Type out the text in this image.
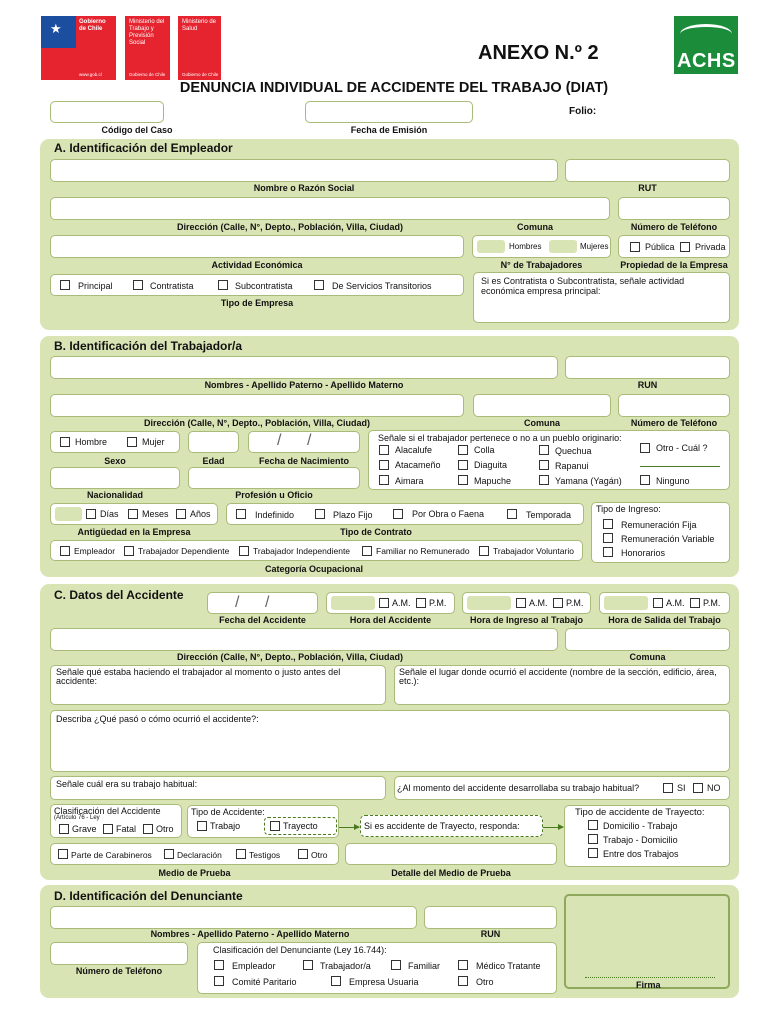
★	Gobierno de Chile
www.gob.cl
Ministerio del Trabajo y Previsión Social
Gobierno de Chile
Ministerio de Salud
Gobierno de Chile
ACHS
ANEXO N.º 2
DENUNCIA INDIVIDUAL DE ACCIDENTE DEL TRABAJO (DIAT)
Código del Caso	Fecha de Emisión
Folio:
A. Identificación del Empleador
Nombre o Razón Social	RUT
Dirección (Calle, N°, Depto., Población, Villa, Ciudad)	Comuna	Número de Teléfono
Actividad Económica
Hombres	Mujeres
N° de Trabajadores
Pública Privada
Propiedad de la Empresa
Principal	Contratista	Subcontratista	De Servicios Transitorios
Tipo de Empresa
Si es Contratista o Subcontratista, señale actividad económica empresa principal:
B. Identificación del Trabajador/a
Nombres - Apellido Paterno - Apellido Materno	RUN
Dirección (Calle, N°, Depto., Población, Villa, Ciudad)	Comuna	Número de Teléfono
Hombre	Mujer
Sexo	Edad
/ /
Fecha de Nacimiento
Señale si el trabajador pertenece o no a un pueblo originario:
Alacalufe	Colla	Quechua	Otro - Cuál ?
Atacameño	Diaguita	Rapanui
Aimara	Mapuche	Yamana (Yagán)	Ninguno
Nacionalidad	Profesión u Oficio
Días	Meses Años
Antigüedad en la Empresa
Indefinido	Plazo Fijo	Por Obra o Faena	Temporada
Tipo de Contrato
Tipo de Ingreso:
Remuneración Fija
Remuneración Variable
Honorarios
Empleador	Trabajador Dependiente	Trabajador Independiente	Familiar no Remunerado	Trabajador Voluntario
Categoría Ocupacional
C. Datos del Accidente	/ /
Fecha del Accidente
A.M. P.M.
Hora del Accidente
A.M. P.M.
Hora de Ingreso al Trabajo
A.M. P.M.
Hora de Salida del Trabajo
Dirección (Calle, N°, Depto., Población, Villa, Ciudad)	Comuna
Señale qué estaba haciendo el trabajador al momento o justo antes del accidente:
Señale el lugar donde ocurrió el accidente (nombre de la sección, edificio, área, etc.):
Describa ¿Qué pasó o cómo ocurrió el accidente?:
Señale cuál era su trabajo habitual:	¿Al momento del accidente desarrollaba su trabajo habitual?	SI NO
Clasificación del Accidente
(Artículo 76 - Ley
Grave Fatal Otro
Tipo de Accidente:
Trabajo	Trayecto	Si es accidente de Trayecto, responda:
Tipo de accidente de Trayecto:
Domicilio - Trabajo
Trabajo - Domicilio
Entre dos Trabajos
Parte de Carabineros	Declaración	Testigos	Otro
Medio de Prueba	Detalle del Medio de Prueba
D. Identificación del Denunciante
Nombres - Apellido Paterno - Apellido Materno	RUN
Número de Teléfono
Clasificación del Denunciante (Ley 16.744):
Empleador	Trabajador/a	Familiar	Médico Tratante
Comité Paritario	Empresa Usuaria	Otro	Firma
